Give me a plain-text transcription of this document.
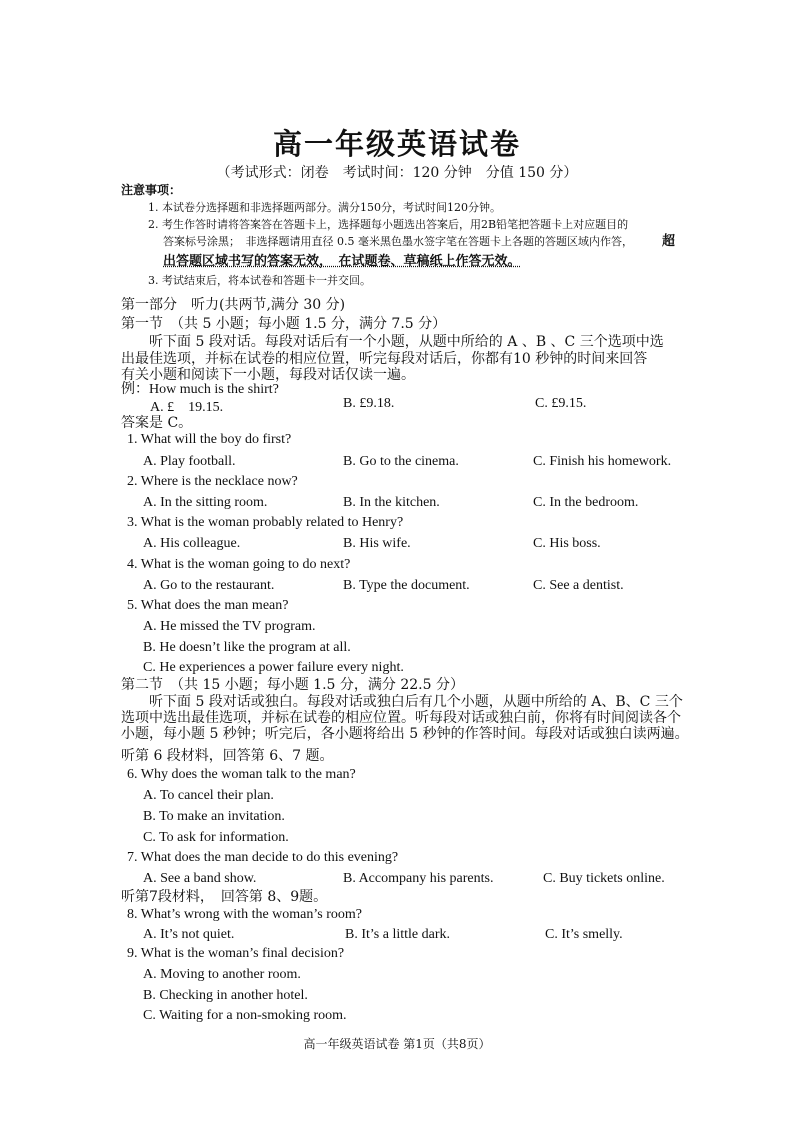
高一年级英语试卷
（考试形式：闭卷　考试时间：120 分钟　分值 150 分）
注意事项：
1. 本试卷分选择题和非选择题两部分。满分150分，考试时间120分钟。
2. 考生作答时请将答案答在答题卡上，选择题每小题选出答案后，用2B铅笔把答题卡上对应题目的
答案标号涂黑；　非选择题请用直径 0.5 毫米黑色墨水签字笔在答题卡上各题的答题区域内作答， 超
出答题区域书写的答案无效，　在试题卷、草稿纸上作答无效。
3. 考试结束后，将本试卷和答题卡一并交回。
第一部分　听力(共两节,满分 30 分)
第一节　（共 5 小题；每小题 1.5 分，满分 7.5 分）
　听下面 5 段对话。每段对话后有一个小题，从题中所给的 A 、B 、C 三个选项中选
出最佳选项，并标在试卷的相应位置，听完每段对话后，你都有10 秒钟的时间来回答
有关小题和阅读下一小题，每段对话仅读一遍。
例：How much is the shirt?
A. £　19.15.	B. £9.18.	C. £9.15.
答案是 C。
1. What will the boy do first?
A. Play football.	B. Go to the cinema.	C. Finish his homework.
2. Where is the necklace now?
A. In the sitting room.	B. In the kitchen.	C. In the bedroom.
3. What is the woman probably related to Henry?
A. His colleague.	B. His wife.	C. His boss.
4. What is the woman going to do next?
A. Go to the restaurant.	B. Type the document.	C. See a dentist.
5. What does the man mean?
A. He missed the TV program.
B. He doesn’t like the program at all.
C. He experiences a power failure every night.
第二节　（共 15 小题；每小题 1.5 分，满分 22.5 分）
　　听下面 5 段对话或独白。每段对话或独白后有几个小题，从题中所给的 A、B、C 三个
选项中选出最佳选项，并标在试卷的相应位置。听每段对话或独白前，你将有时间阅读各个
小题，每小题 5 秒钟；听完后，各小题将给出 5 秒钟的作答时间。每段对话或独白读两遍。
听第 6 段材料，回答第 6、7 题。
6. Why does the woman talk to the man?
A. To cancel their plan.
B. To make an invitation.
C. To ask for information.
7. What does the man decide to do this evening?
A. See a band show.	B. Accompany his parents.	C. Buy tickets online.
听第7段材料，　回答第 8、9题。
8. What’s wrong with the woman’s room?
A. It’s not quiet.	B. It’s a little dark.	C. It’s smelly.
9. What is the woman’s final decision?
A. Moving to another room.
B. Checking in another hotel.
C. Waiting for a non-smoking room.
高一年级英语试卷 第1页（共8页）
